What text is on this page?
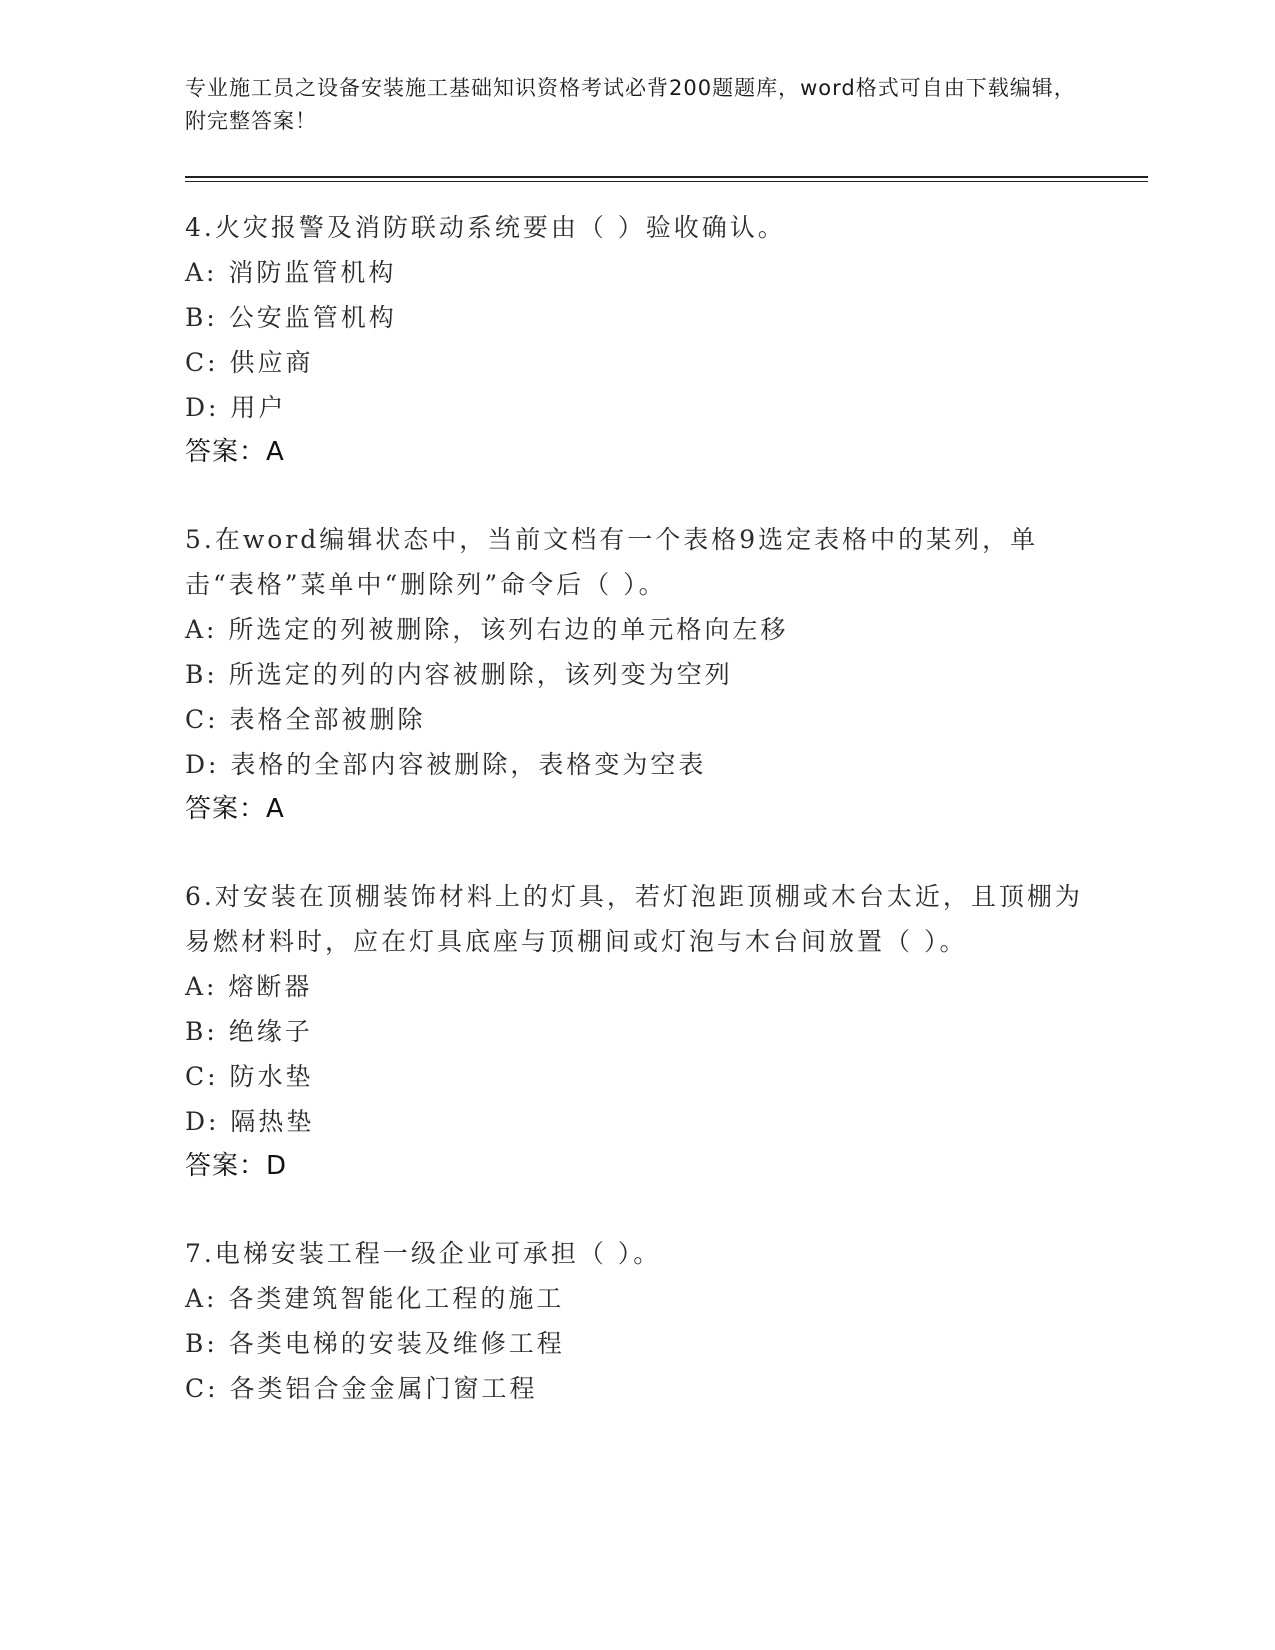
专业施工员之设备安装施工基础知识资格考试必背200题题库，word格式可自由下载编辑，附完整答案！
4.火灾报警及消防联动系统要由（ ）验收确认。
A: 消防监管机构
B: 公安监管机构
C: 供应商
D: 用户
答案：A
5.在word编辑状态中，当前文档有一个表格9选定表格中的某列，单击“表格”菜单中“删除列”命令后（ ）。
A: 所选定的列被删除，该列右边的单元格向左移
B: 所选定的列的内容被删除，该列变为空列
C: 表格全部被删除
D: 表格的全部内容被删除，表格变为空表
答案：A
6.对安装在顶棚装饰材料上的灯具，若灯泡距顶棚或木台太近，且顶棚为易燃材料时，应在灯具底座与顶棚间或灯泡与木台间放置（ ）。
A: 熔断器
B: 绝缘子
C: 防水垫
D: 隔热垫
答案：D
7.电梯安装工程一级企业可承担（ ）。
A: 各类建筑智能化工程的施工
B: 各类电梯的安装及维修工程
C: 各类铝合金金属门窗工程
